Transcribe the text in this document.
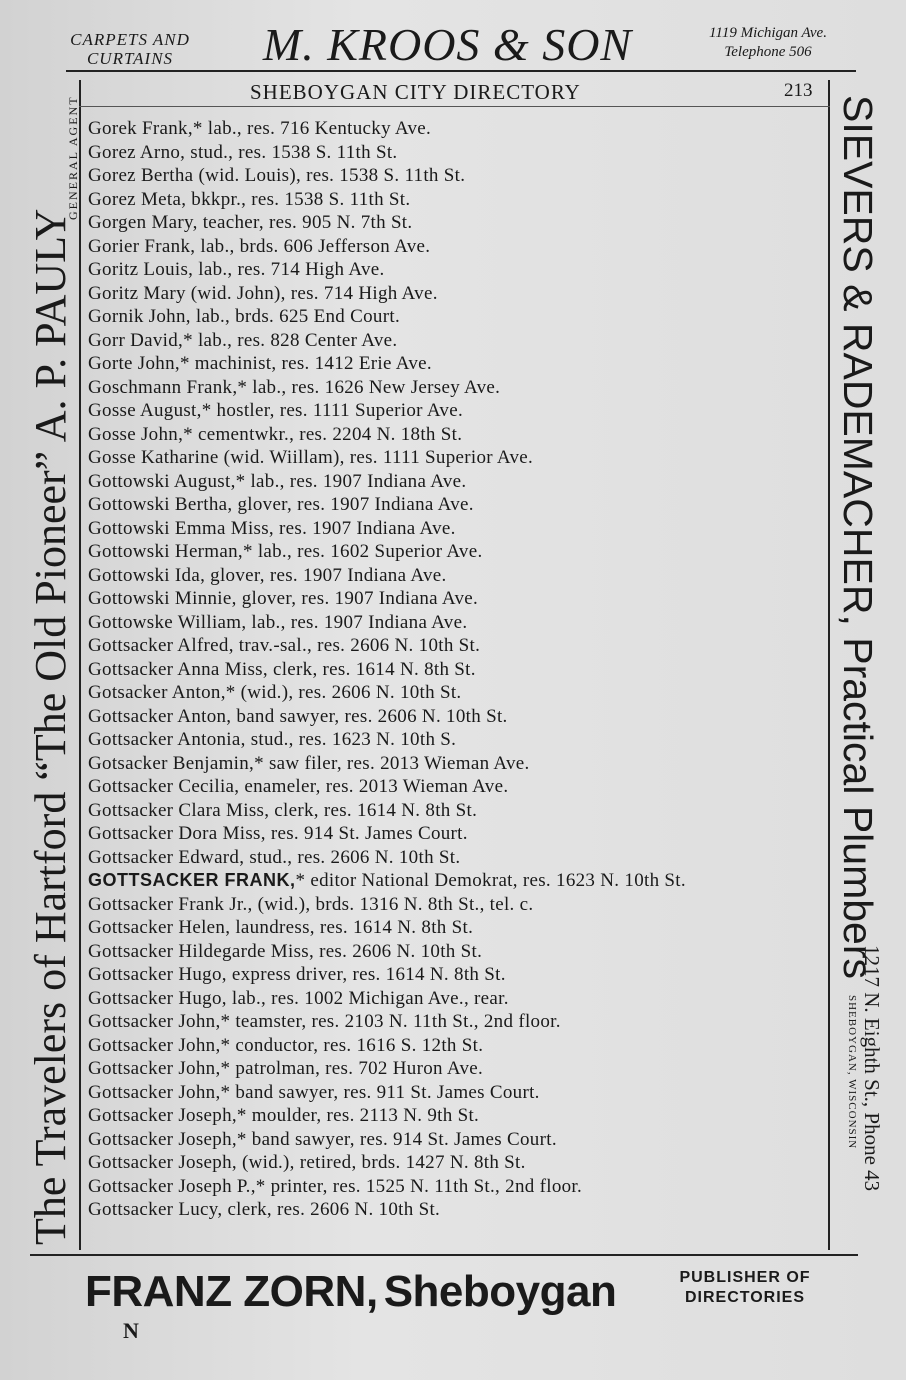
CARPETS AND
CURTAINS	M. KROOS & SON	1119 Michigan Ave.
Telephone 506
SHEBOYGAN CITY DIRECTORY	213
Gorek Frank,* lab., res. 716 Kentucky Ave.
Gorez Arno, stud., res. 1538 S. 11th St.
Gorez Bertha (wid. Louis), res. 1538 S. 11th St.
Gorez Meta, bkkpr., res. 1538 S. 11th St.
Gorgen Mary, teacher, res. 905 N. 7th St.
Gorier Frank, lab., brds. 606 Jefferson Ave.
Goritz Louis, lab., res. 714 High Ave.
Goritz Mary (wid. John), res. 714 High Ave.
Gornik John, lab., brds. 625 End Court.
Gorr David,* lab., res. 828 Center Ave.
Gorte John,* machinist, res. 1412 Erie Ave.
Goschmann Frank,* lab., res. 1626 New Jersey Ave.
Gosse August,* hostler, res. 1111 Superior Ave.
Gosse John,* cementwkr., res. 2204 N. 18th St.
Gosse Katharine (wid. Wiillam), res. 1111 Superior Ave.
Gottowski August,* lab., res. 1907 Indiana Ave.
Gottowski Bertha, glover, res. 1907 Indiana Ave.
Gottowski Emma Miss, res. 1907 Indiana Ave.
Gottowski Herman,* lab., res. 1602 Superior Ave.
Gottowski Ida, glover, res. 1907 Indiana Ave.
Gottowski Minnie, glover, res. 1907 Indiana Ave.
Gottowske William, lab., res. 1907 Indiana Ave.
Gottsacker Alfred, trav.-sal., res. 2606 N. 10th St.
Gottsacker Anna Miss, clerk, res. 1614 N. 8th St.
Gotsacker Anton,* (wid.), res. 2606 N. 10th St.
Gottsacker Anton, band sawyer, res. 2606 N. 10th St.
Gottsacker Antonia, stud., res. 1623 N. 10th S.
Gotsacker Benjamin,* saw filer, res. 2013 Wieman Ave.
Gottsacker Cecilia, enameler, res. 2013 Wieman Ave.
Gottsacker Clara Miss, clerk, res. 1614 N. 8th St.
Gottsacker Dora Miss, res. 914 St. James Court.
Gottsacker Edward, stud., res. 2606 N. 10th St.
GOTTSACKER FRANK,* editor National Demokrat, res. 1623 N. 10th St.
Gottsacker Frank Jr., (wid.), brds. 1316 N. 8th St., tel. c.
Gottsacker Helen, laundress, res. 1614 N. 8th St.
Gottsacker Hildegarde Miss, res. 2606 N. 10th St.
Gottsacker Hugo, express driver, res. 1614 N. 8th St.
Gottsacker Hugo, lab., res. 1002 Michigan Ave., rear.
Gottsacker John,* teamster, res. 2103 N. 11th St., 2nd floor.
Gottsacker John,* conductor, res. 1616 S. 12th St.
Gottsacker John,* patrolman, res. 702 Huron Ave.
Gottsacker John,* band sawyer, res. 911 St. James Court.
Gottsacker Joseph,* moulder, res. 2113 N. 9th St.
Gottsacker Joseph,* band sawyer, res. 914 St. James Court.
Gottsacker Joseph, (wid.), retired, brds. 1427 N. 8th St.
Gottsacker Joseph P.,* printer, res. 1525 N. 11th St., 2nd floor.
Gottsacker Lucy, clerk, res. 2606 N. 10th St.
The Travelers of Hartford “The Old Pioneer” A. P. PAULY
GENERAL AGENT	SIEVERS & RADEMACHER, Practical Plumbers
1217 N. Eighth St., Phone 43
SHEBOYGAN, WISCONSIN
FRANZ ZORN, Sheboygan	PUBLISHER OF
DIRECTORIES
N
